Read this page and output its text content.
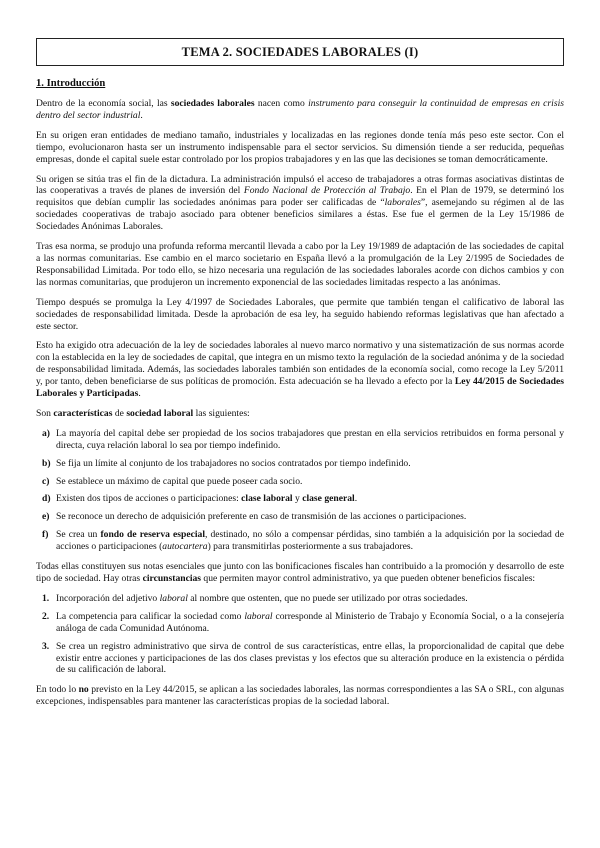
TEMA 2. SOCIEDADES LABORALES (I)
1. Introducción

Dentro de la economía social, las sociedades laborales nacen como instrumento para conseguir la continuidad de empresas en crisis dentro del sector industrial.

En su origen eran entidades de mediano tamaño, industriales y localizadas en las regiones donde tenía más peso este sector. Con el tiempo, evolucionaron hasta ser un instrumento indispensable para el sector servicios. Su dimensión tiende a ser reducida, pequeñas empresas, donde el capital suele estar controlado por los propios trabajadores y en las que las decisiones se toman democráticamente.

Su origen se sitúa tras el fin de la dictadura. La administración impulsó el acceso de trabajadores a otras formas asociativas distintas de las cooperativas a través de planes de inversión del Fondo Nacional de Protección al Trabajo. En el Plan de 1979, se determinó los requisitos que debían cumplir las sociedades anónimas para poder ser calificadas de “laborales”, asemejando su régimen al de las sociedades cooperativas de trabajo asociado para obtener beneficios similares a éstas. Ese fue el germen de la Ley 15/1986 de Sociedades Anónimas Laborales.

Tras esa norma, se produjo una profunda reforma mercantil llevada a cabo por la Ley 19/1989 de adaptación de las sociedades de capital a las normas comunitarias. Ese cambio en el marco societario en España llevó a la promulgación de la Ley 2/1995 de Sociedades de Responsabilidad Limitada. Por todo ello, se hizo necesaria una regulación de las sociedades laborales acorde con dichos cambios y con las normas comunitarias, que produjeron un incremento exponencial de las sociedades limitadas respecto a las anónimas.

Tiempo después se promulga la Ley 4/1997 de Sociedades Laborales, que permite que también tengan el calificativo de laboral las sociedades de responsabilidad limitada. Desde la aprobación de esa ley, ha seguido habiendo reformas legislativas que han afectado a este sector.

Esto ha exigido otra adecuación de la ley de sociedades laborales al nuevo marco normativo y una sistematización de sus normas acorde con la establecida en la ley de sociedades de capital, que integra en un mismo texto la regulación de la sociedad anónima y de la sociedad de responsabilidad limitada. Además, las sociedades laborales también son entidades de la economía social, como recoge la Ley 5/2011 y, por tanto, deben beneficiarse de sus políticas de promoción. Esta adecuación se ha llevado a efecto por la Ley 44/2015 de Sociedades Laborales y Participadas.

Son características de sociedad laboral las siguientes:

a) La mayoría del capital debe ser propiedad de los socios trabajadores que prestan en ella servicios retribuidos en forma personal y directa, cuya relación laboral lo sea por tiempo indefinido.
b) Se fija un límite al conjunto de los trabajadores no socios contratados por tiempo indefinido.
c) Se establece un máximo de capital que puede poseer cada socio.
d) Existen dos tipos de acciones o participaciones: clase laboral y clase general.
e) Se reconoce un derecho de adquisición preferente en caso de transmisión de las acciones o participaciones.
f) Se crea un fondo de reserva especial, destinado, no sólo a compensar pérdidas, sino también a la adquisición por la sociedad de acciones o participaciones (autocartera) para transmitirlas posteriormente a sus trabajadores.

Todas ellas constituyen sus notas esenciales que junto con las bonificaciones fiscales han contribuido a la promoción y desarrollo de este tipo de sociedad. Hay otras circunstancias que permiten mayor control administrativo, ya que pueden obtener beneficios fiscales:

1. Incorporación del adjetivo laboral al nombre que ostenten, que no puede ser utilizado por otras sociedades.
2. La competencia para calificar la sociedad como laboral corresponde al Ministerio de Trabajo y Economía Social, o a la consejería análoga de cada Comunidad Autónoma.
3. Se crea un registro administrativo que sirva de control de sus características, entre ellas, la proporcionalidad de capital que debe existir entre acciones y participaciones de las dos clases previstas y los efectos que su alteración produce en la existencia o pérdida de su calificación de laboral.

En todo lo no previsto en la Ley 44/2015, se aplican a las sociedades laborales, las normas correspondientes a las SA o SRL, con algunas excepciones, indispensables para mantener las características propias de la sociedad laboral.
